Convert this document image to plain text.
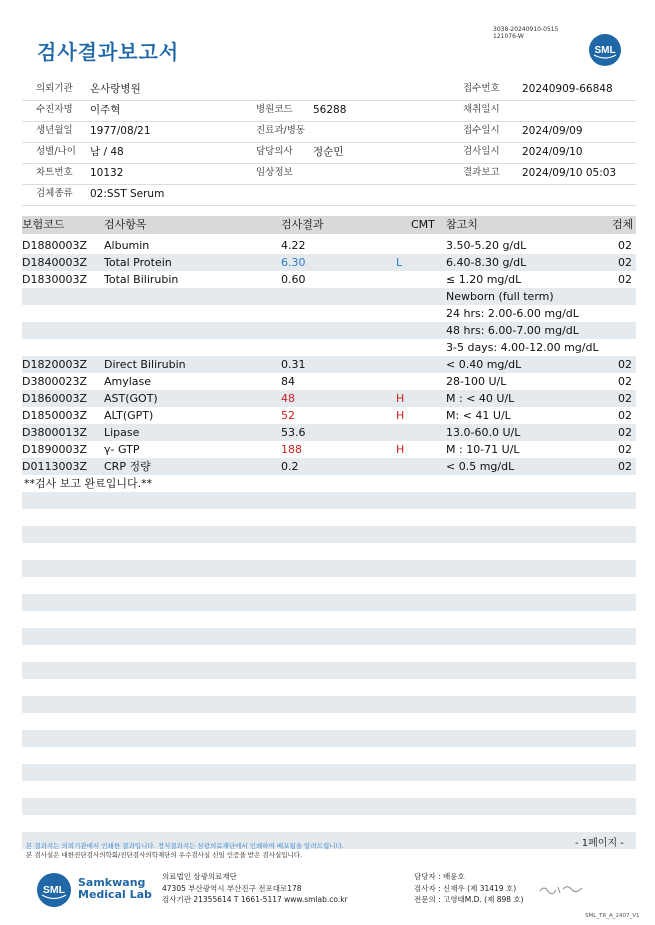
검사결과보고서
3038-20240910-0515
121076-W
SML
의뢰기관 온사랑병원	접수번호 20240909-66848
수진자명 이주혁	병원코드 56288	채취일시
생년월일 1977/08/21	진료과/병동	접수일시 2024/09/09
성별/나이 남 / 48	담당의사 정순민	검사일시 2024/09/10
차트번호 10132	임상정보	결과보고 2024/09/10 05:03
검체종류 02:SST Serum
보험코드	검사항목	검사결과	CMT 참고치	검체
D1880003Z Albumin	4.22	3.50-5.20 g/dL	02
D1840003Z Total Protein	6.30	L	6.40-8.30 g/dL	02
D1830003Z Total Bilirubin	0.60	≤ 1.20 mg/dL	02
Newborn (full term)
24 hrs: 2.00-6.00 mg/dL
48 hrs: 6.00-7.00 mg/dL
3-5 days: 4.00-12.00 mg/dL
D1820003Z Direct Bilirubin	0.31	< 0.40 mg/dL	02
D3800023Z Amylase	84	28-100 U/L	02
D1860003Z AST(GOT)	48	H	M : < 40 U/L	02
D1850003Z ALT(GPT)	52	H	M: < 41 U/L	02
D3800013Z Lipase	53.6	13.0-60.0 U/L	02
D1890003Z γ- GTP	188	H	M : 10-71 U/L	02
D0113003Z CRP 정량	0.2	< 0.5 mg/dL	02
**검사 보고 완료입니다.**
- 1페이지 -
본 결과지는 의뢰기관에서 인쇄한 결과입니다. 정식결과지는 삼광의료재단에서 인쇄하여 배포됨을 알려드립니다.
본 검사실은 대한진단검사의학회/진단검사의학재단의 우수검사실 신임 인증을 받은 검사실입니다.
SML
Samkwang
Medical Lab
의료법인 삼광의료재단
47305 부산광역시 부산진구 전포대로178
검사기관 21355614 T 1661-5117 www.smlab.co.kr
담당자 : 배윤호
검사자 : 신재우 (제 31419 호)
전문의 : 고영태M.D. (제 898 호)
SML_TR_A_2407_V1
